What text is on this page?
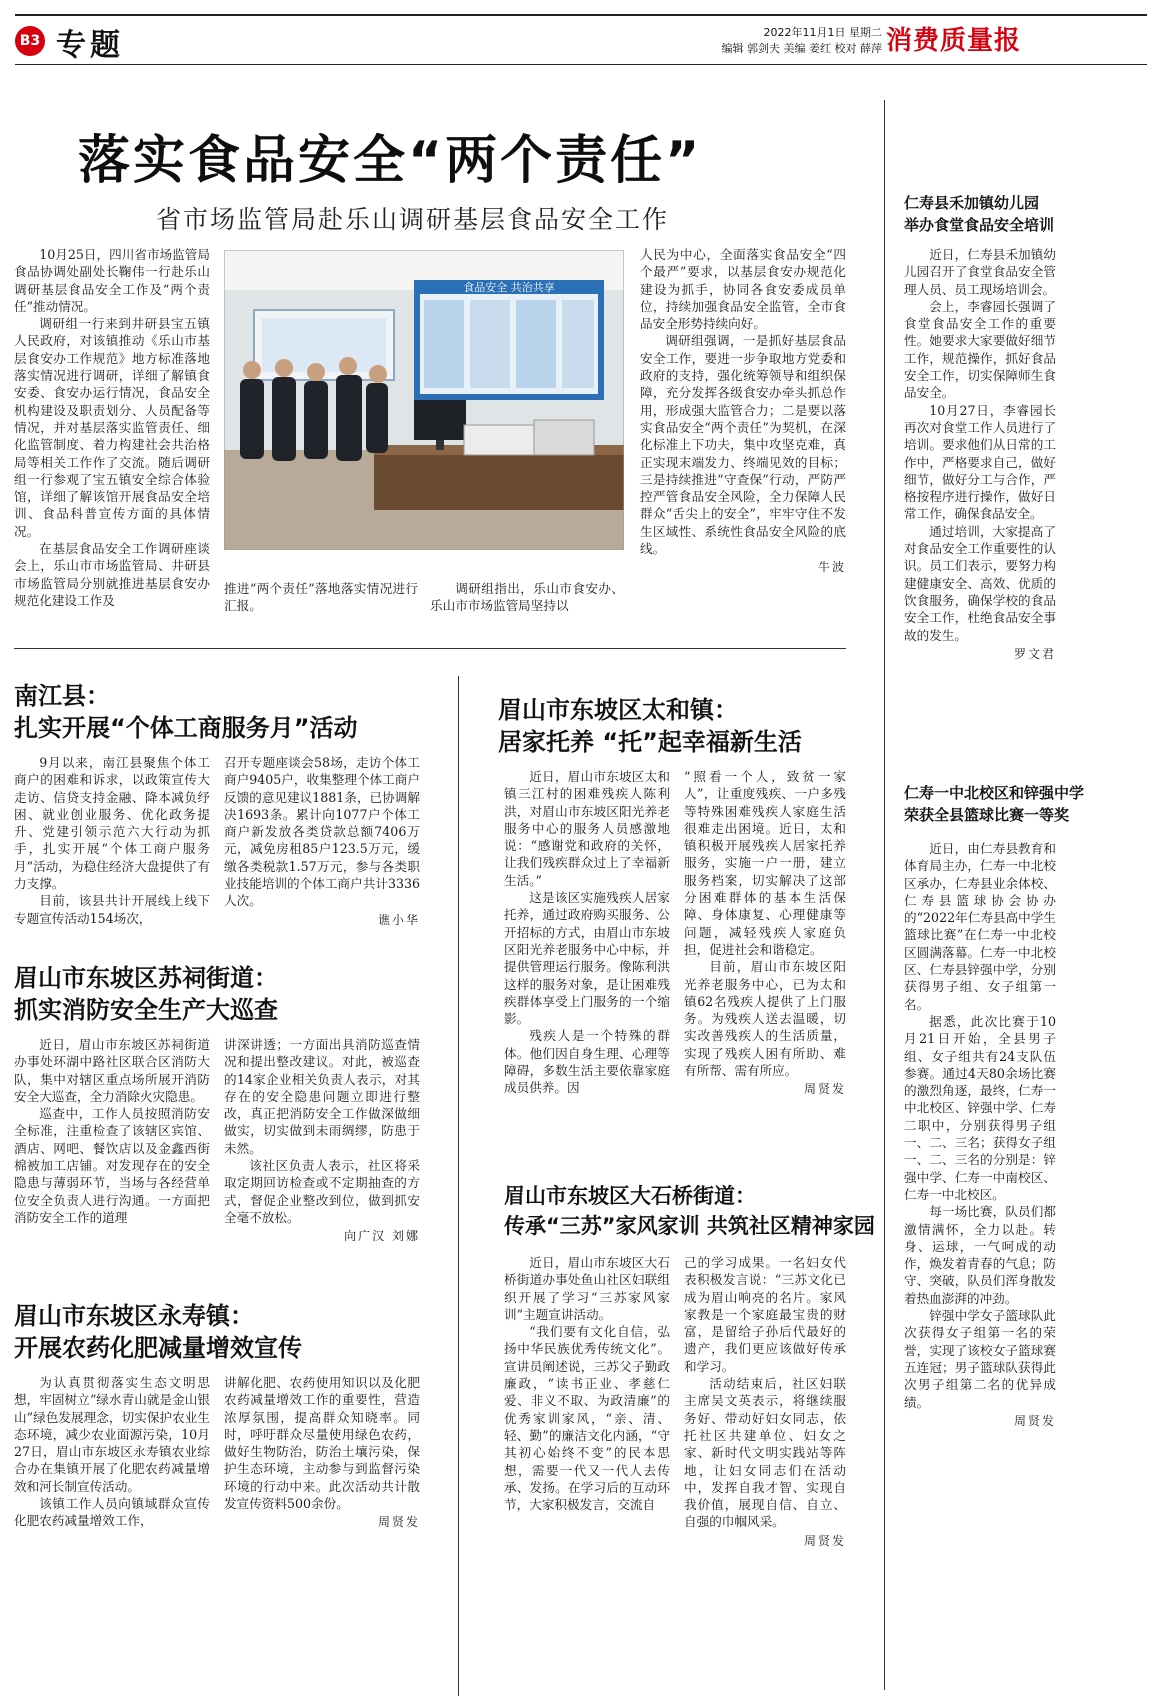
B3 专题	2022年11月1日 星期二
编辑 郭剑夫 美编 姜红 校对 薛萍 消费质量报
落实食品安全“两个责任”
省市场监管局赴乐山调研基层食品安全工作

10月25日，四川省市场监管局食品协调处副处长鞠伟一行赴乐山调研基层食品安全工作及“两个责任”推动情况。

调研组一行来到井研县宝五镇人民政府，对该镇推动《乐山市基层食安办工作规范》地方标准落地落实情况进行调研，详细了解镇食安委、食安办运行情况，食品安全机构建设及职责划分、人员配备等情况，并对基层落实监管责任、细化监管制度、着力构建社会共治格局等相关工作作了交流。随后调研组一行参观了宝五镇安全综合体验馆，详细了解该馆开展食品安全培训、食品科普宣传方面的具体情况。

在基层食品安全工作调研座谈会上，乐山市市场监管局、井研县市场监管局分别就推进基层食安办规范化建设工作及

食品安全 共治共享
推进“两个责任”落地落实情况进行汇报。

调研组指出，乐山市食安办、乐山市市场监管局坚持以

人民为中心，全面落实食品安全“四个最严”要求，以基层食安办规范化建设为抓手，协同各食安委成员单位，持续加强食品安全监管，全市食品安全形势持续向好。

调研组强调，一是抓好基层食品安全工作，要进一步争取地方党委和政府的支持，强化统筹领导和组织保障，充分发挥各级食安办牵头抓总作用，形成强大监管合力；二是要以落实食品安全“两个责任”为契机，在深化标准上下功夫，集中攻坚克难，真正实现末端发力、终端见效的目标；三是持续推进“守查保”行动，严防严控严管食品安全风险，全力保障人民群众“舌尖上的安全”，牢牢守住不发生区域性、系统性食品安全风险的底线。

牛波
南江县：
扎实开展“个体工商服务月”活动

9月以来，南江县聚焦个体工商户的困难和诉求，以政策宣传大走访、信贷支持金融、降本减负纾困、就业创业服务、优化政务提升、党建引领示范六大行动为抓手，扎实开展“个体工商户服务月”活动，为稳住经济大盘提供了有力支撑。

目前，该县共计开展线上线下专题宣传活动154场次，

召开专题座谈会58场，走访个体工商户9405户，收集整理个体工商户反馈的意见建议1881条，已协调解决1693条。累计向1077户个体工商户新发放各类贷款总额7406万元，减免房租85户123.5万元，缓缴各类税款1.57万元，参与各类职业技能培训的个体工商户共计3336人次。

谯小华
眉山市东坡区苏祠街道：
抓实消防安全生产大巡查

近日，眉山市东坡区苏祠街道办事处环湖中路社区联合区消防大队，集中对辖区重点场所展开消防安全大巡查，全力消除火灾隐患。

巡查中，工作人员按照消防安全标准，注重检查了该辖区宾馆、酒店、网吧、餐饮店以及金鑫西街棉被加工店铺。对发现存在的安全隐患与薄弱环节，当场与各经营单位安全负责人进行沟通。一方面把消防安全工作的道理

讲深讲透；一方面出具消防巡查情况和提出整改建议。对此，被巡查的14家企业相关负责人表示，对其存在的安全隐患问题立即进行整改，真正把消防安全工作做深做细做实，切实做到未雨绸缪，防患于未然。

该社区负责人表示，社区将采取定期回访检查或不定期抽查的方式，督促企业整改到位，做到抓安全毫不放松。

向广汉 刘娜
眉山市东坡区永寿镇：
开展农药化肥减量增效宣传

为认真贯彻落实生态文明思想，牢固树立“绿水青山就是金山银山”绿色发展理念，切实保护农业生态环境，减少农业面源污染，10月27日，眉山市东坡区永寿镇农业综合办在集镇开展了化肥农药减量增效和河长制宣传活动。

该镇工作人员向镇域群众宣传化肥农药减量增效工作，

讲解化肥、农药使用知识以及化肥农药减量增效工作的重要性，营造浓厚氛围，提高群众知晓率。同时，呼吁群众尽量使用绿色农药，做好生物防治，防治土壤污染，保护生态环境，主动参与到监督污染环境的行动中来。此次活动共计散发宣传资料500余份。

周贤发
眉山市东坡区太和镇：
居家托养 “托”起幸福新生活

近日，眉山市东坡区太和镇三江村的困难残疾人陈利洪，对眉山市东坡区阳光养老服务中心的服务人员感激地说：“感谢党和政府的关怀，让我们残疾群众过上了幸福新生活。”

这是该区实施残疾人居家托养，通过政府购买服务、公开招标的方式，由眉山市东坡区阳光养老服务中心中标，并提供管理运行服务。像陈利洪这样的服务对象，是让困难残疾群体享受上门服务的一个缩影。

残疾人是一个特殊的群体。他们因自身生理、心理等障碍，多数生活主要依靠家庭成员供养。因

“照看一个人，致贫一家人”，让重度残疾、一户多残等特殊困难残疾人家庭生活很难走出困境。近日，太和镇积极开展残疾人居家托养服务，实施一户一册，建立服务档案，切实解决了这部分困难群体的基本生活保障、身体康复、心理健康等问题，减轻残疾人家庭负担，促进社会和谐稳定。

目前，眉山市东坡区阳光养老服务中心，已为太和镇62名残疾人提供了上门服务。为残疾人送去温暖，切实改善残疾人的生活质量，实现了残疾人困有所助、难有所帮、需有所应。

周贤发
眉山市东坡区大石桥街道：
传承“三苏”家风家训 共筑社区精神家园

近日，眉山市东坡区大石桥街道办事处鱼山社区妇联组织开展了学习“三苏家风家训”主题宣讲活动。

“我们要有文化自信，弘扬中华民族优秀传统文化”。宣讲员阐述说，三苏父子勤政廉政，“读书正业、孝慈仁爱、非义不取、为政清廉”的优秀家训家风，“亲、清、轻、勤”的廉洁文化内涵，“守其初心始终不变”的民本思想，需要一代又一代人去传承、发扬。在学习后的互动环节，大家积极发言，交流自

己的学习成果。一名妇女代表积极发言说：“三苏文化已成为眉山响亮的名片。家风家教是一个家庭最宝贵的财富，是留给子孙后代最好的遗产，我们更应该做好传承和学习。

活动结束后，社区妇联主席吴文英表示，将继续服务好、带动好妇女同志，依托社区共建单位、妇女之家、新时代文明实践站等阵地，让妇女同志们在活动中，发挥自我才智、实现自我价值，展现自信、自立、自强的巾帼风采。

周贤发
仁寿县禾加镇幼儿园
举办食堂食品安全培训

近日，仁寿县禾加镇幼儿园召开了食堂食品安全管理人员、员工现场培训会。

会上，李睿园长强调了食堂食品安全工作的重要性。她要求大家要做好细节工作，规范操作，抓好食品安全工作，切实保障师生食品安全。

10月27日，李睿园长再次对食堂工作人员进行了培训。要求他们从日常的工作中，严格要求自己，做好细节，做好分工与合作，严格按程序进行操作，做好日常工作，确保食品安全。

通过培训，大家提高了对食品安全工作重要性的认识。员工们表示，要努力构建健康安全、高效、优质的饮食服务，确保学校的食品安全工作，杜绝食品安全事故的发生。

罗文君
仁寿一中北校区和锌强中学
荣获全县篮球比赛一等奖

近日，由仁寿县教育和体育局主办，仁寿一中北校区承办，仁寿县业余体校、仁寿县篮球协会协办的“2022年仁寿县高中学生篮球比赛”在仁寿一中北校区圆满落幕。仁寿一中北校区、仁寿县锌强中学，分别获得男子组、女子组第一名。

据悉，此次比赛于10月21日开始，全县男子组、女子组共有24支队伍参赛。通过4天80余场比赛的激烈角逐，最终，仁寿一中北校区、锌强中学、仁寿二职中，分别获得男子组一、二、三名；获得女子组一、二、三名的分别是：锌强中学、仁寿一中南校区、仁寿一中北校区。

每一场比赛，队员们都激情满怀，全力以赴。转身、运球，一气呵成的动作，焕发着青春的气息；防守、突破，队员们浑身散发着热血澎湃的冲劲。

锌强中学女子篮球队此次获得女子组第一名的荣誉，实现了该校女子篮球赛五连冠；男子篮球队获得此次男子组第二名的优异成绩。

周贤发
